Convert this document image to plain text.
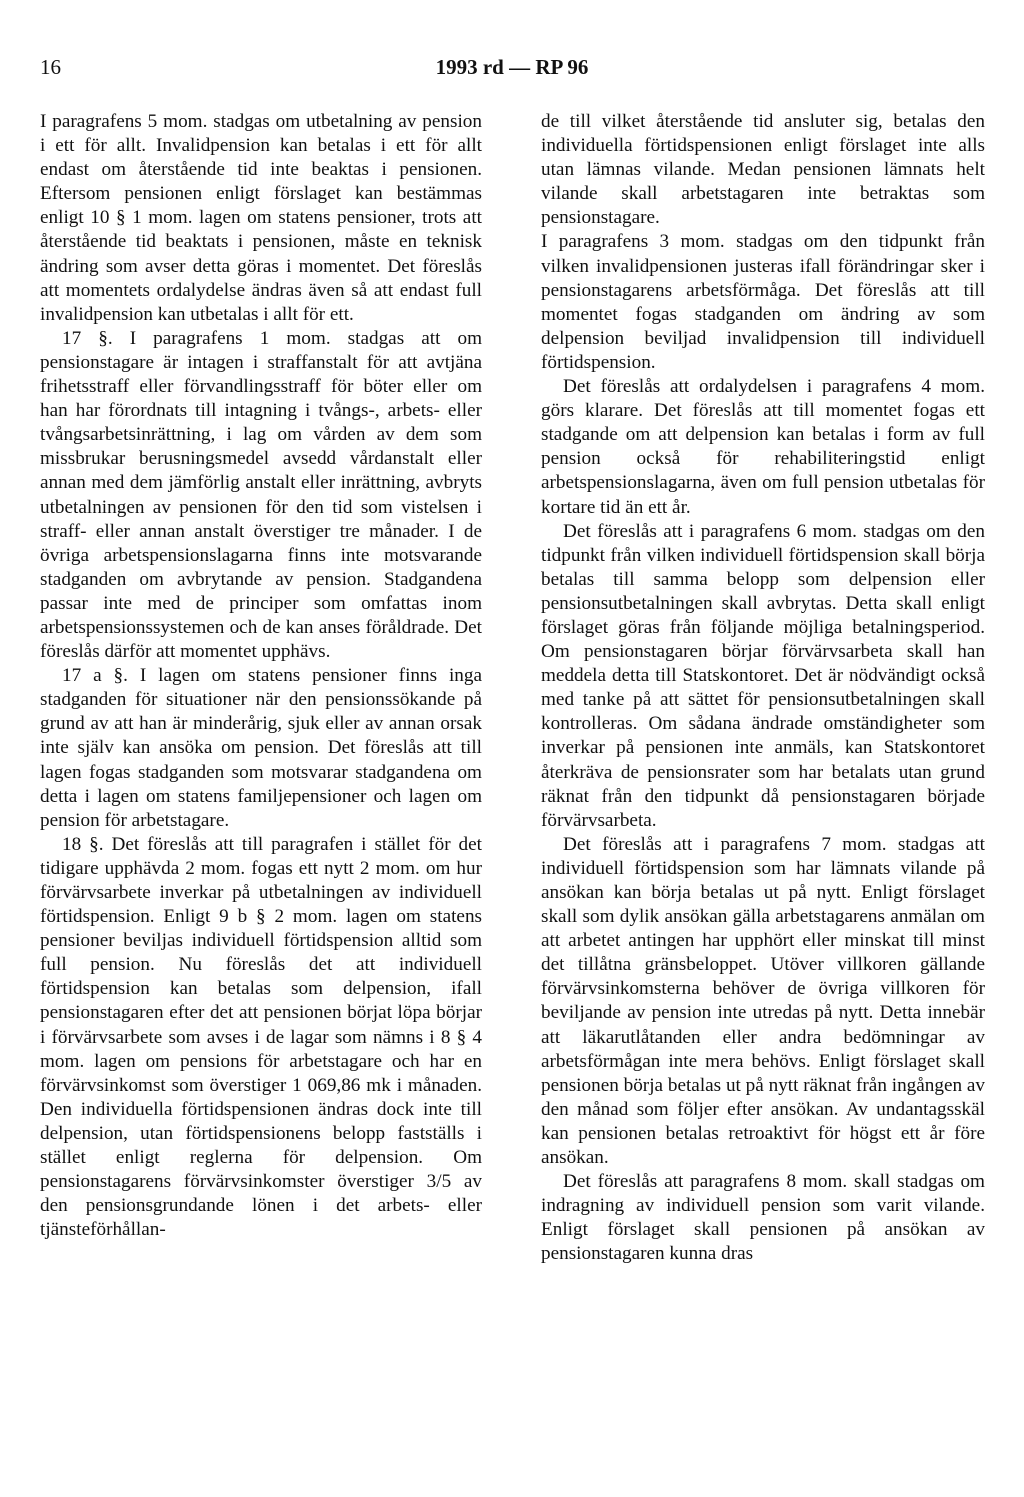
16	1993 rd — RP 96

I paragrafens 5 mom. stadgas om utbetalning av pension i ett för allt. Invalidpension kan betalas i ett för allt endast om återstående tid inte beaktas i pensionen. Eftersom pensionen enligt förslaget kan bestämmas enligt 10 § 1 mom. lagen om statens pensioner, trots att återstående tid beaktats i pensionen, måste en teknisk ändring som avser detta göras i momentet. Det föreslås att momentets ordalydelse ändras även så att endast full invalidpension kan utbetalas i allt för ett.

17 §. I paragrafens 1 mom. stadgas att om pensionstagare är intagen i straffanstalt för att avtjäna frihetsstraff eller förvandlingsstraff för böter eller om han har förordnats till intagning i tvångs-, arbets- eller tvångsarbetsinrättning, i lag om vården av dem som missbrukar berusningsmedel avsedd vårdanstalt eller annan med dem jämförlig anstalt eller inrättning, avbryts utbetalningen av pensionen för den tid som vistelsen i straff- eller annan anstalt överstiger tre månader. I de övriga arbetspensionslagarna finns inte motsvarande stadganden om avbrytande av pension. Stadgandena passar inte med de principer som omfattas inom arbetspensionssystemen och de kan anses föråldrade. Det föreslås därför att momentet upphävs.

17 a §. I lagen om statens pensioner finns inga stadganden för situationer när den pensionssökande på grund av att han är minderårig, sjuk eller av annan orsak inte själv kan ansöka om pension. Det föreslås att till lagen fogas stadganden som motsvarar stadgandena om detta i lagen om statens familjepensioner och lagen om pension för arbetstagare.

18 §. Det föreslås att till paragrafen i stället för det tidigare upphävda 2 mom. fogas ett nytt 2 mom. om hur förvärvsarbete inverkar på utbetalningen av individuell förtidspension. Enligt 9 b § 2 mom. lagen om statens pensioner beviljas individuell förtidspension alltid som full pension. Nu föreslås det att individuell förtidspension kan betalas som delpension, ifall pensionstagaren efter det att pensionen börjat löpa börjar i förvärvsarbete som avses i de lagar som nämns i 8 § 4 mom. lagen om pensions för arbetstagare och har en förvärvsinkomst som överstiger 1 069,86 mk i månaden. Den individuella förtidspensionen ändras dock inte till delpension, utan förtidspensionens belopp fastställs i stället enligt reglerna för delpension. Om pensionstagarens förvärvsinkomster överstiger 3/5 av den pensionsgrundande lönen i det arbets- eller tjänsteförhållan-

de till vilket återstående tid ansluter sig, betalas den individuella förtidspensionen enligt förslaget inte alls utan lämnas vilande. Medan pensionen lämnats helt vilande skall arbetstagaren inte betraktas som pensionstagare.

I paragrafens 3 mom. stadgas om den tidpunkt från vilken invalidpensionen justeras ifall förändringar sker i pensionstagarens arbetsförmåga. Det föreslås att till momentet fogas stadganden om ändring av som delpension beviljad invalidpension till individuell förtidspension.

Det föreslås att ordalydelsen i paragrafens 4 mom. görs klarare. Det föreslås att till momentet fogas ett stadgande om att delpension kan betalas i form av full pension också för rehabiliteringstid enligt arbetspensionslagarna, även om full pension utbetalas för kortare tid än ett år.

Det föreslås att i paragrafens 6 mom. stadgas om den tidpunkt från vilken individuell förtidspension skall börja betalas till samma belopp som delpension eller pensionsutbetalningen skall avbrytas. Detta skall enligt förslaget göras från följande möjliga betalningsperiod. Om pensionstagaren börjar förvärvsarbeta skall han meddela detta till Statskontoret. Det är nödvändigt också med tanke på att sättet för pensionsutbetalningen skall kontrolleras. Om sådana ändrade omständigheter som inverkar på pensionen inte anmäls, kan Statskontoret återkräva de pensionsrater som har betalats utan grund räknat från den tidpunkt då pensionstagaren började förvärvsarbeta.

Det föreslås att i paragrafens 7 mom. stadgas att individuell förtidspension som har lämnats vilande på ansökan kan börja betalas ut på nytt. Enligt förslaget skall som dylik ansökan gälla arbetstagarens anmälan om att arbetet antingen har upphört eller minskat till minst det tillåtna gränsbeloppet. Utöver villkoren gällande förvärvsinkomsterna behöver de övriga villkoren för beviljande av pension inte utredas på nytt. Detta innebär att läkarutlåtanden eller andra bedömningar av arbetsförmågan inte mera behövs. Enligt förslaget skall pensionen börja betalas ut på nytt räknat från ingången av den månad som följer efter ansökan. Av undantagsskäl kan pensionen betalas retroaktivt för högst ett år före ansökan.

Det föreslås att paragrafens 8 mom. skall stadgas om indragning av individuell pension som varit vilande. Enligt förslaget skall pensionen på ansökan av pensionstagaren kunna dras
